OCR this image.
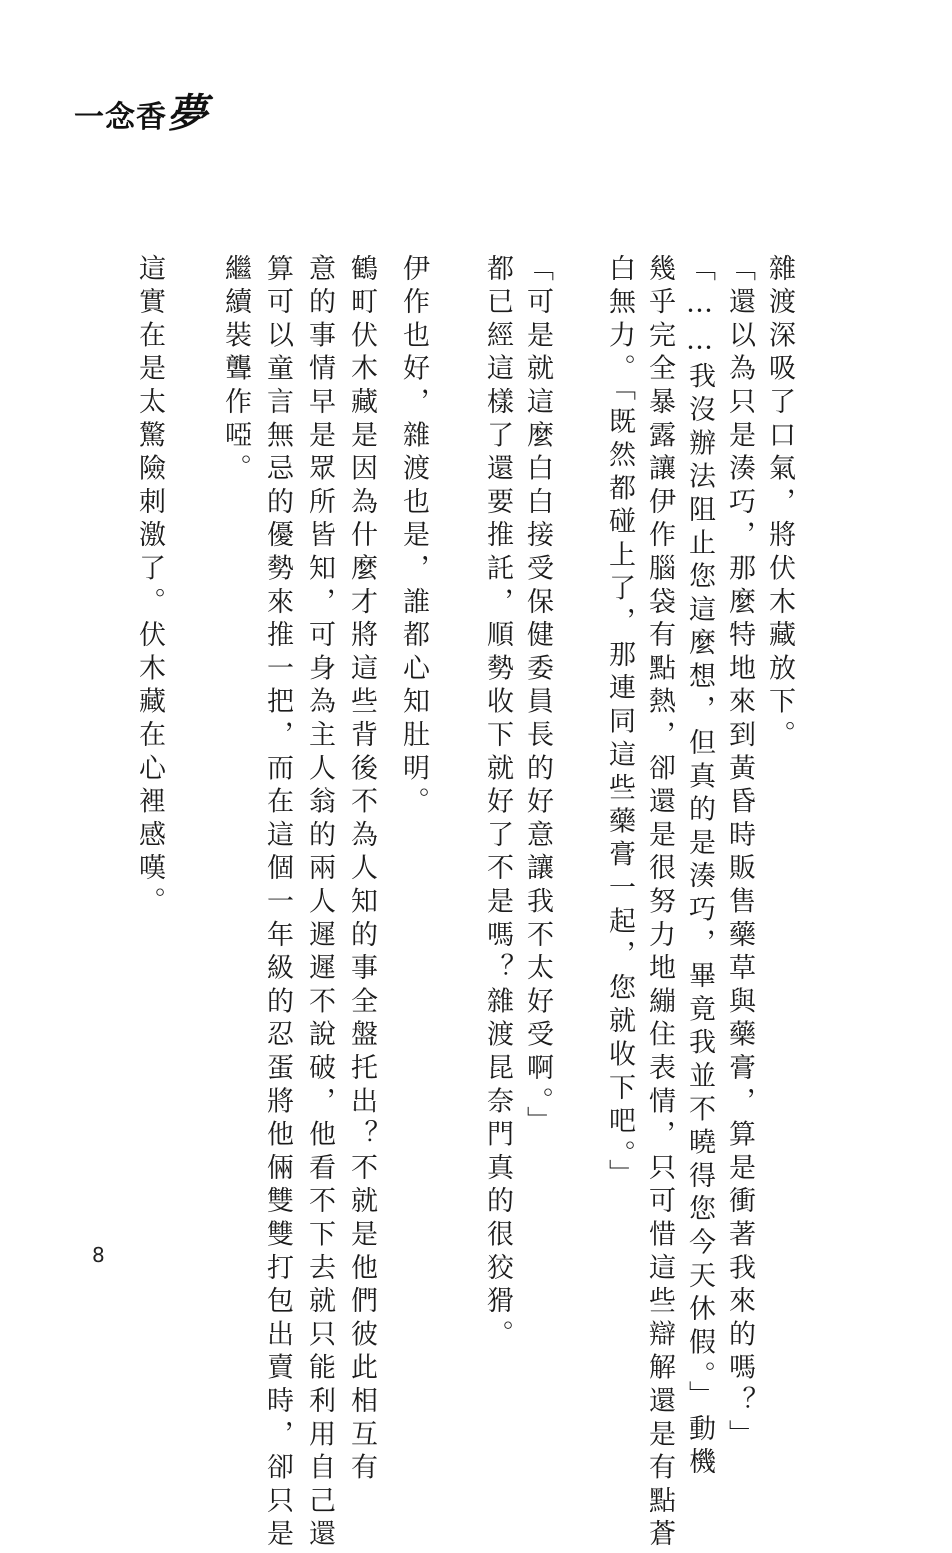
一念香夢
雜渡深吸了口氣，將伏木藏放下。
「還以為只是湊巧，那麼特地來到黃昏時販售藥草與藥膏，算是衝著我來的嗎？」
「……我沒辦法阻止您這麼想，但真的是湊巧，畢竟我並不曉得您今天休假。」動機
幾乎完全暴露讓伊作腦袋有點熱，卻還是很努力地繃住表情，只可惜這些辯解還是有點蒼
白無力。「既然都碰上了，那連同這些藥膏一起，您就收下吧。」
「可是就這麼白白接受保健委員長的好意讓我不太好受啊。」
都已經這樣了還要推託，順勢收下就好了不是嗎？雜渡昆奈門真的很狡猾。
伊作也好，雜渡也是，誰都心知肚明。
鶴町伏木藏是因為什麼才將這些背後不為人知的事全盤托出？不就是他們彼此相互有
意的事情早是眾所皆知，可身為主人翁的兩人遲遲不說破，他看不下去就只能利用自己還
算可以童言無忌的優勢來推一把，而在這個一年級的忍蛋將他倆雙雙打包出賣時，卻只是
繼續裝聾作啞。
這實在是太驚險刺激了。伏木藏在心裡感嘆。
8
